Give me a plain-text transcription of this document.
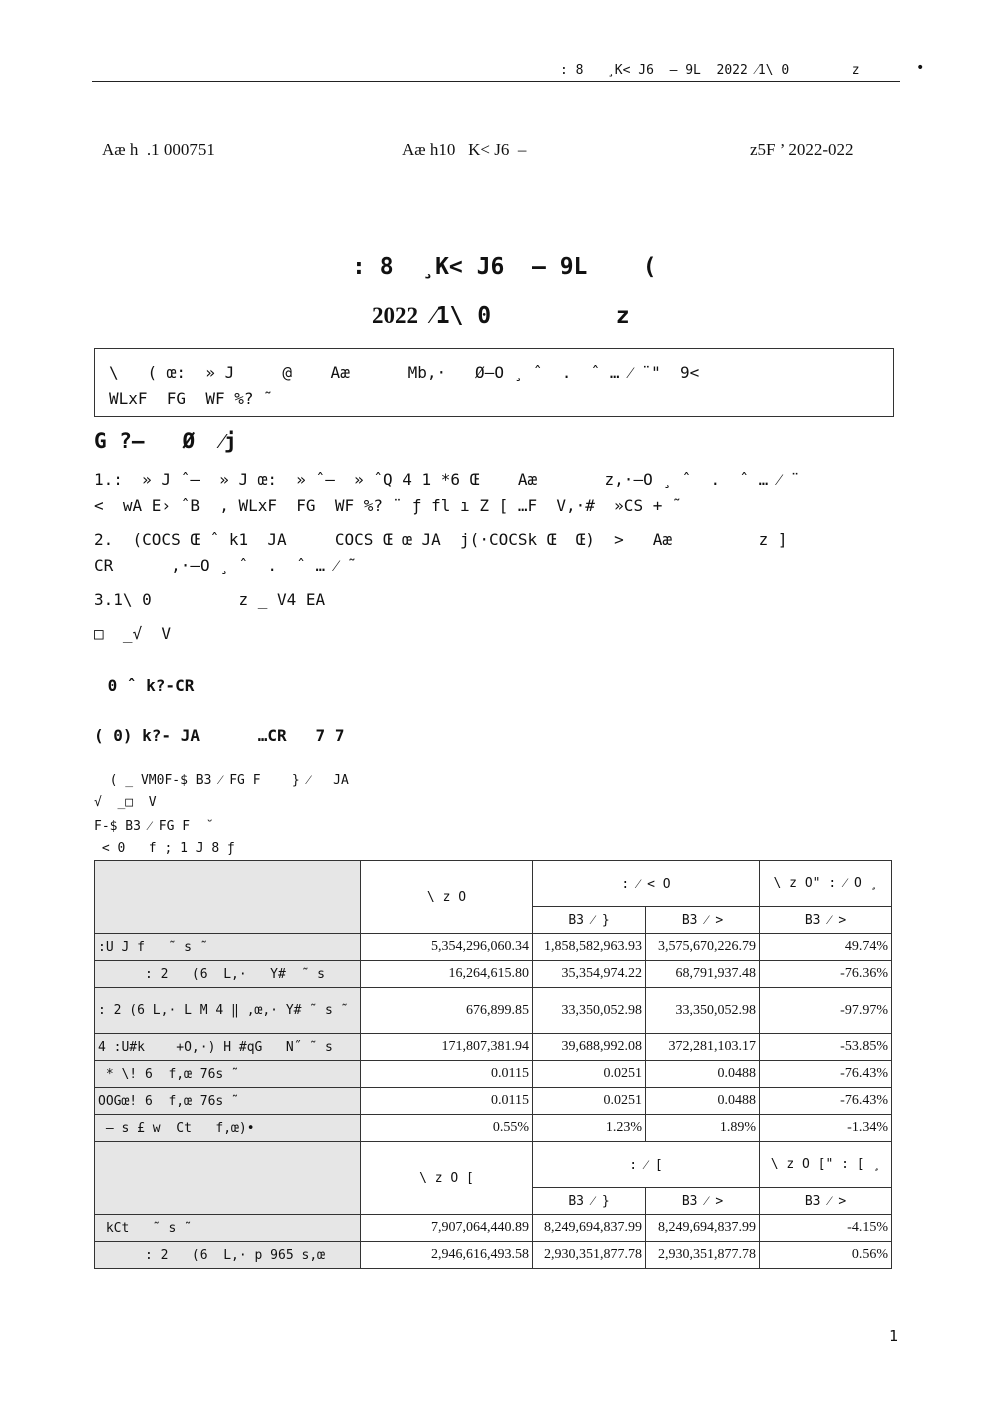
: 8   ¸K< J6  – 9L  2022 ⁄1\ 0        z	•
Aæ h  .1 000751	Aæ h10   K< J6  –	z5F ’ 2022-022
: 8  ¸K< J6  – 9L    (
2022 ⁄1\ 0         z
\   ( œ:  » J     @    Aæ      Mb,·   Ø–O ¸ ˆ  .  ˆ … ⁄ ¨"  9<
WLxF  FG  WF %? ˜
G ?–   Ø  ⁄j
1.:  » J ˆ–  » J œ:  » ˆ–  » ˆQ 4 1 *6 Œ    Aæ       z,·–O ¸ ˆ  .  ˆ … ⁄ ¨
<  wA E› ˆB  , WLxF  FG  WF %? ¨ ƒ fl ı Z [ …F  V,·#  »CS + ˜
2.  (COCS Œ ˆ k1  JA     COCS Œ œ JA  j(·COCSk Œ  Œ)  >   Aæ         z ]
CR      ,·–O ¸ ˆ  .  ˆ … ⁄ ˜
3.1\ 0         z _ V4 EA
□  _√  V
0 ˆ k?-CR
( 0) k?- JA      …CR   7 7
( _ VM0F-$ B3 ⁄ FG F    } ⁄   JA
√  _□  V
F-$ B3 ⁄ FG F  ˘
< 0   f ; 1 J 8 ƒ
	\ z O	: ⁄ < O		\ z O" : ⁄ O ¸
		B3 ⁄ }	B3 ⁄ >	B3 ⁄ >
:U J f   ˜ s ˜	5,354,296,060.34	1,858,582,963.93	3,575,670,226.79	49.74%
: 2   (6  L,·   Y#  ˜ s	16,264,615.80	35,354,974.22	68,791,937.48	-76.36%
: 2 (6 L,· L M 4 ‖ ,œ,· Y# ˜ s ˜	676,899.85	33,350,052.98	33,350,052.98	-97.97%
4 :U#k    +O,·) H #qG   N˝ ˜ s	171,807,381.94	39,688,992.08	372,281,103.17	-53.85%
* \! 6  f,œ 76s ˜	0.0115	0.0251	0.0488	-76.43%
OOGœ! 6  f,œ 76s ˜	0.0115	0.0251	0.0488	-76.43%
– s £ w  Ct   f,œ)•	0.55%	1.23%	1.89%	-1.34%
	\ z O [	: ⁄ [		\ z O [" : [ ¸
		B3 ⁄ }	B3 ⁄ >	B3 ⁄ >
kCt   ˜ s ˜	7,907,064,440.89	8,249,694,837.99	8,249,694,837.99	-4.15%
: 2   (6  L,· p 965 s,œ	2,946,616,493.58	2,930,351,877.78	2,930,351,877.78	0.56%
1
